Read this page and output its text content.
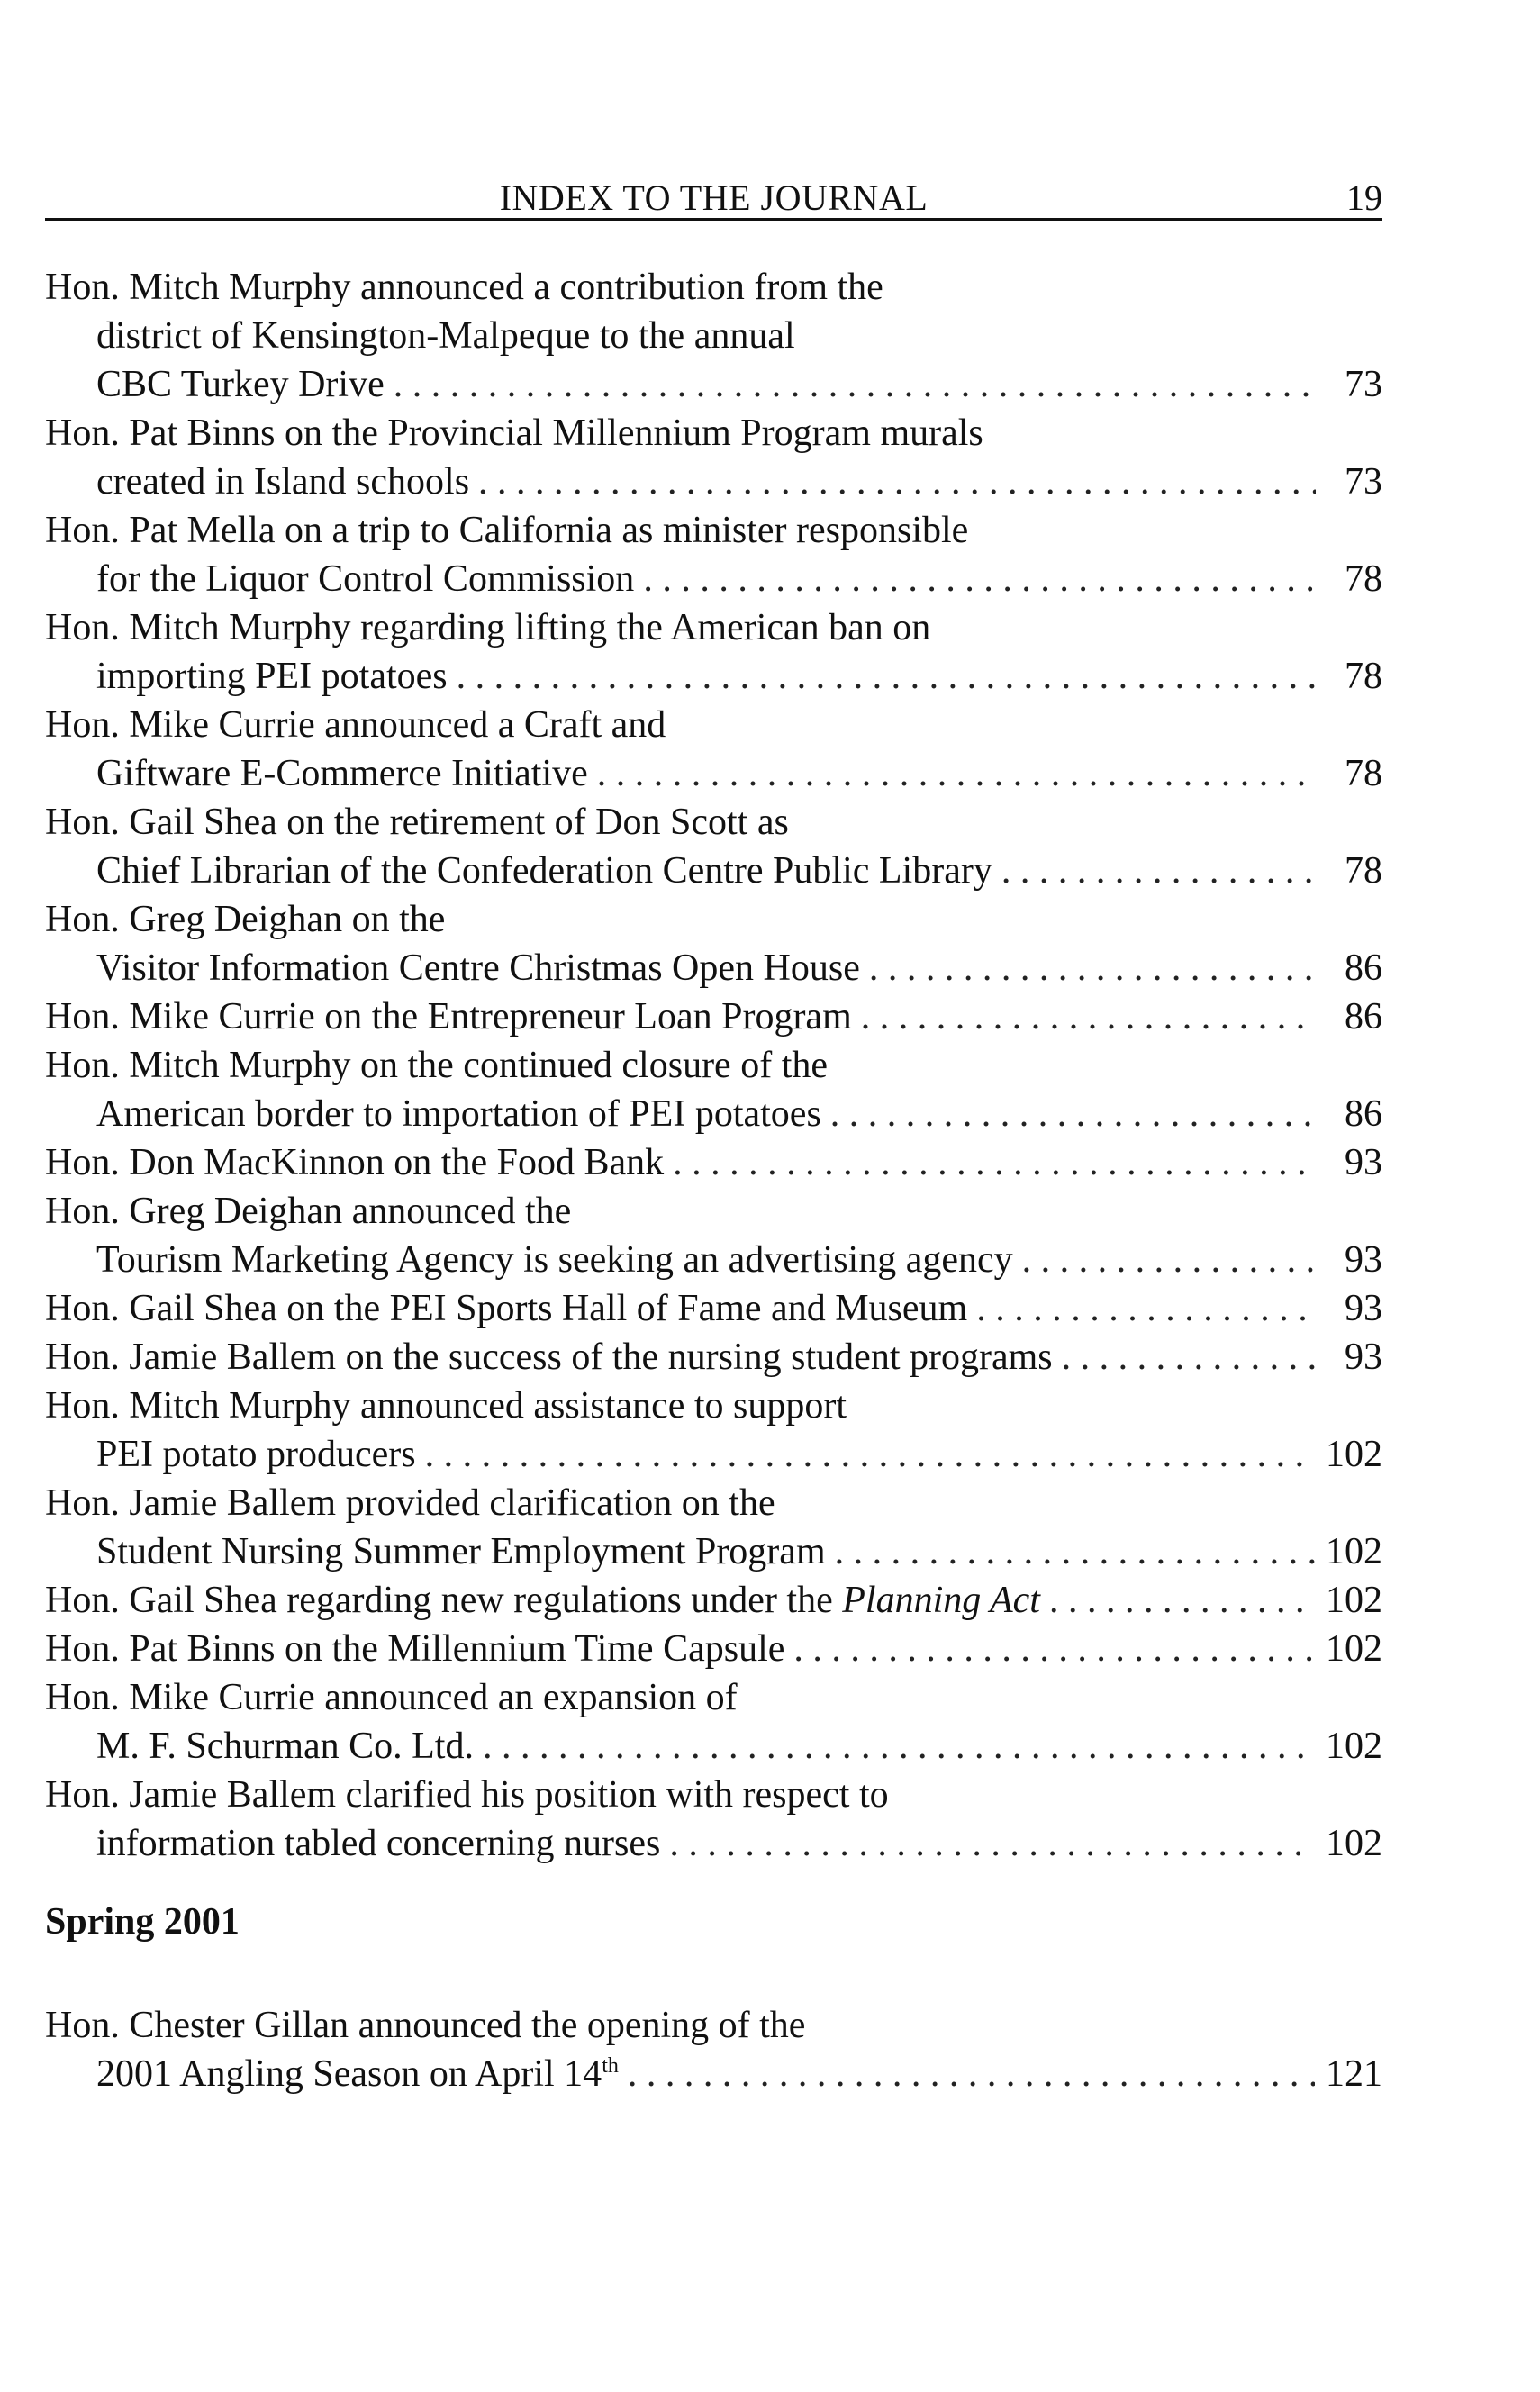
INDEX TO THE JOURNAL	19
Hon. Mitch Murphy announced a contribution from the
district of Kensington-Malpeque to the annual
CBC Turkey Drive . . .	73
Hon. Pat Binns on the Provincial Millennium Program murals
created in Island schools . . .	73
Hon. Pat Mella on a trip to California as minister responsible
for the Liquor Control Commission . . .	78
Hon. Mitch Murphy regarding lifting the American ban on
importing PEI potatoes . . .	78
Hon. Mike Currie announced a Craft and
Giftware E-Commerce Initiative . . .	78
Hon. Gail Shea on the retirement of Don Scott as
Chief Librarian of the Confederation Centre Public Library . . .	78
Hon. Greg Deighan on the
Visitor Information Centre Christmas Open House . . .	86
Hon. Mike Currie on the Entrepreneur Loan Program . . .	86
Hon. Mitch Murphy on the continued closure of the
American border to importation of PEI potatoes . . .	86
Hon. Don MacKinnon on the Food Bank . . .	93
Hon. Greg Deighan announced the
Tourism Marketing Agency is seeking an advertising agency . . .	93
Hon. Gail Shea on the PEI Sports Hall of Fame and Museum . . .	93
Hon. Jamie Ballem on the success of the nursing student programs . . .	93
Hon. Mitch Murphy announced assistance to support
PEI potato producers . . .	102
Hon. Jamie Ballem provided clarification on the
Student Nursing Summer Employment Program . . .	102
Hon. Gail Shea regarding new regulations under the Planning Act . . .	102
Hon. Pat Binns on the Millennium Time Capsule . . .	102
Hon. Mike Currie announced an expansion of
M. F. Schurman Co. Ltd. . . .	102
Hon. Jamie Ballem clarified his position with respect to
information tabled concerning nurses . . .	102
Spring 2001
Hon. Chester Gillan announced the opening of the
2001 Angling Season on April 14th . . .	121
